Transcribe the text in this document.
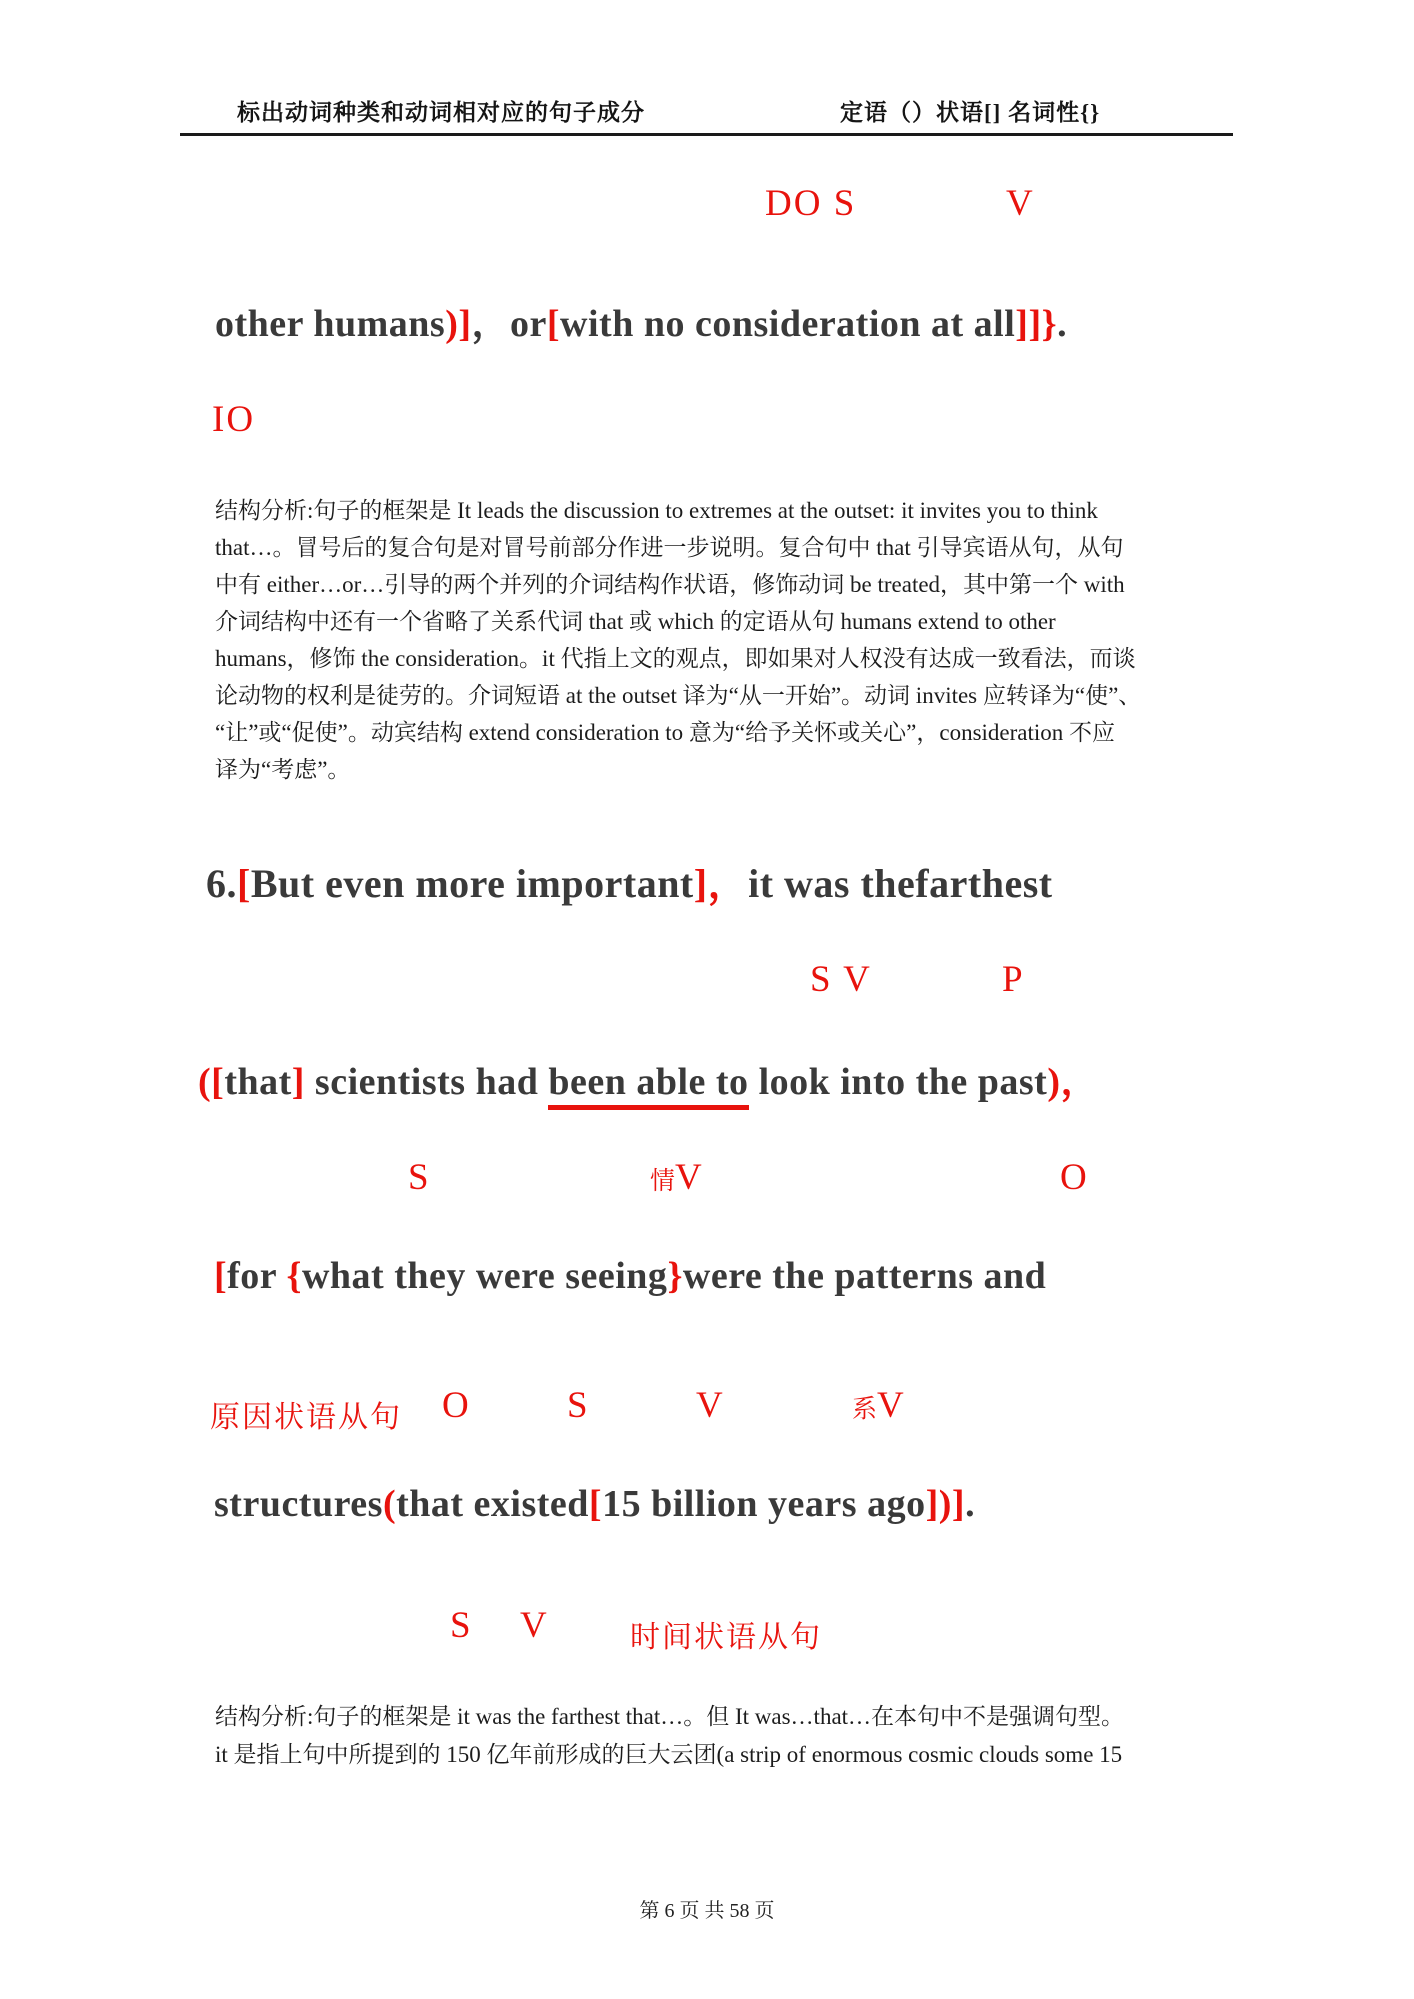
标出动词种类和动词相对应的句子成分	定语（）状语[] 名词性{}
DO S	V
other humans)]，or[with no consideration at all]]}.
IO
结构分析:句子的框架是 It leads the discussion to extremes at the outset: it invites you to think
that…。冒号后的复合句是对冒号前部分作进一步说明。复合句中 that 引导宾语从句，从句
中有 either…or…引导的两个并列的介词结构作状语，修饰动词 be treated，其中第一个 with
介词结构中还有一个省略了关系代词 that 或 which 的定语从句 humans extend to other
humans，修饰 the consideration。it 代指上文的观点，即如果对人权没有达成一致看法，而谈
论动物的权利是徒劳的。介词短语 at the outset 译为“从一开始”。动词 invites 应转译为“使”、
“让”或“促使”。动宾结构 extend consideration to 意为“给予关怀或关心”，consideration 不应
译为“考虑”。
6.[But even more important]，it was thefarthest
S V	P
([that] scientists had been able to look into the past)，
S	情V	O
[for {what they were seeing}were the patterns and
原因状语从句 O	S	V	系V
structures(that existed[15 billion years ago])].
S V	时间状语从句
结构分析:句子的框架是 it was the farthest that…。但 It was…that…在本句中不是强调句型。
it 是指上句中所提到的 150 亿年前形成的巨大云团(a strip of enormous cosmic clouds some 15
第 6 页 共 58 页
